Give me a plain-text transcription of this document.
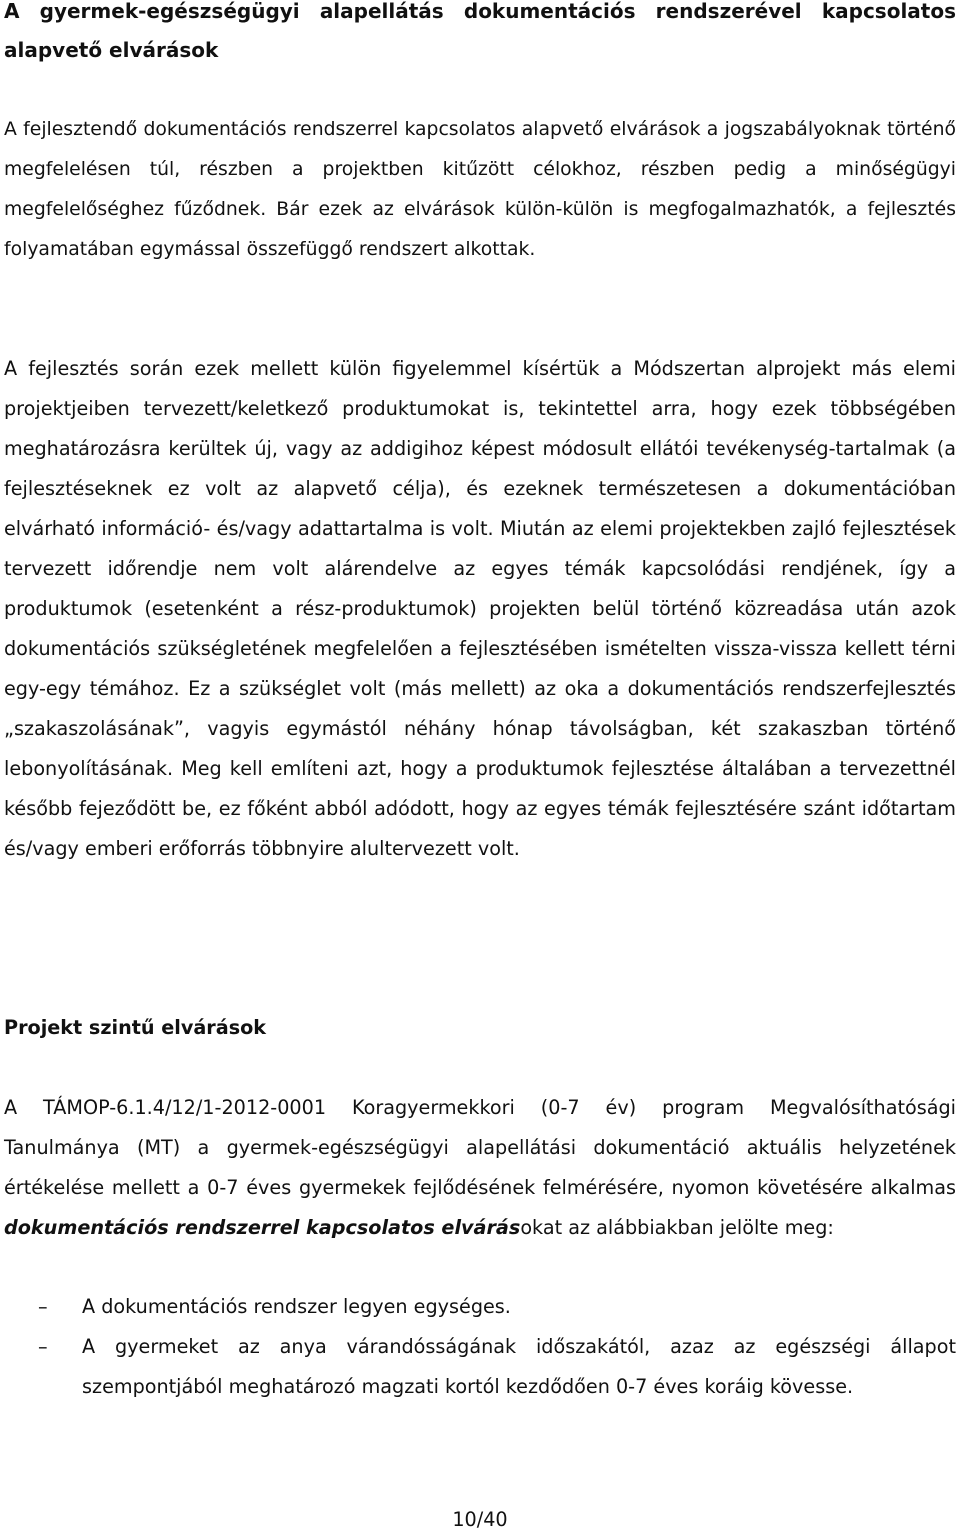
A gyermek-egészségügyi alapellátás dokumentációs rendszerével kapcsolatos alapvető elvárások

A fejlesztendő dokumentációs rendszerrel kapcsolatos alapvető elvárások a jogszabályoknak történő megfelelésen túl, részben a projektben kitűzött célokhoz, részben pedig a minőségügyi megfelelőséghez fűződnek. Bár ezek az elvárások külön-külön is megfogalmazhatók, a fejlesztés folyamatában egymással összefüggő rendszert alkottak.

A fejlesztés során ezek mellett külön figyelemmel kísértük a Módszertan alprojekt más elemi projektjeiben tervezett/keletkező produktumokat is, tekintettel arra, hogy ezek többségében meghatározásra kerültek új, vagy az addigihoz képest módosult ellátói tevékenység-tartalmak (a fejlesztéseknek ez volt az alapvető célja), és ezeknek természetesen a dokumentációban elvárható információ- és/vagy adattartalma is volt. Miután az elemi projektekben zajló fejlesztések tervezett időrendje nem volt alárendelve az egyes témák kapcsolódási rendjének, így a produktumok (esetenként a rész-produktumok) projekten belül történő közreadása után azok dokumentációs szükségletének megfelelően a fejlesztésében ismételten vissza-vissza kellett térni egy-egy témához. Ez a szükséglet volt (más mellett) az oka a dokumentációs rendszerfejlesztés „szakaszolásának”, vagyis egymástól néhány hónap távolságban, két szakaszban történő lebonyolításának. Meg kell említeni azt, hogy a produktumok fejlesztése általában a tervezettnél később fejeződött be, ez főként abból adódott, hogy az egyes témák fejlesztésére szánt időtartam és/vagy emberi erőforrás többnyire alultervezett volt.

Projekt szintű elvárások

A TÁMOP-6.1.4/12/1-2012-0001 Koragyermekkori (0-7 év) program Megvalósíthatósági Tanulmánya (MT) a gyermek-egészségügyi alapellátási dokumentáció aktuális helyzetének értékelése mellett a 0-7 éves gyermekek fejlődésének felmérésére, nyomon követésére alkalmas dokumentációs rendszerrel kapcsolatos elvárásokat az alábbiakban jelölte meg:

– A dokumentációs rendszer legyen egységes.
– A gyermeket az anya várandósságának időszakától, azaz az egészségi állapot szempontjából meghatározó magzati kortól kezdődően 0-7 éves koráig kövesse.
10/40
